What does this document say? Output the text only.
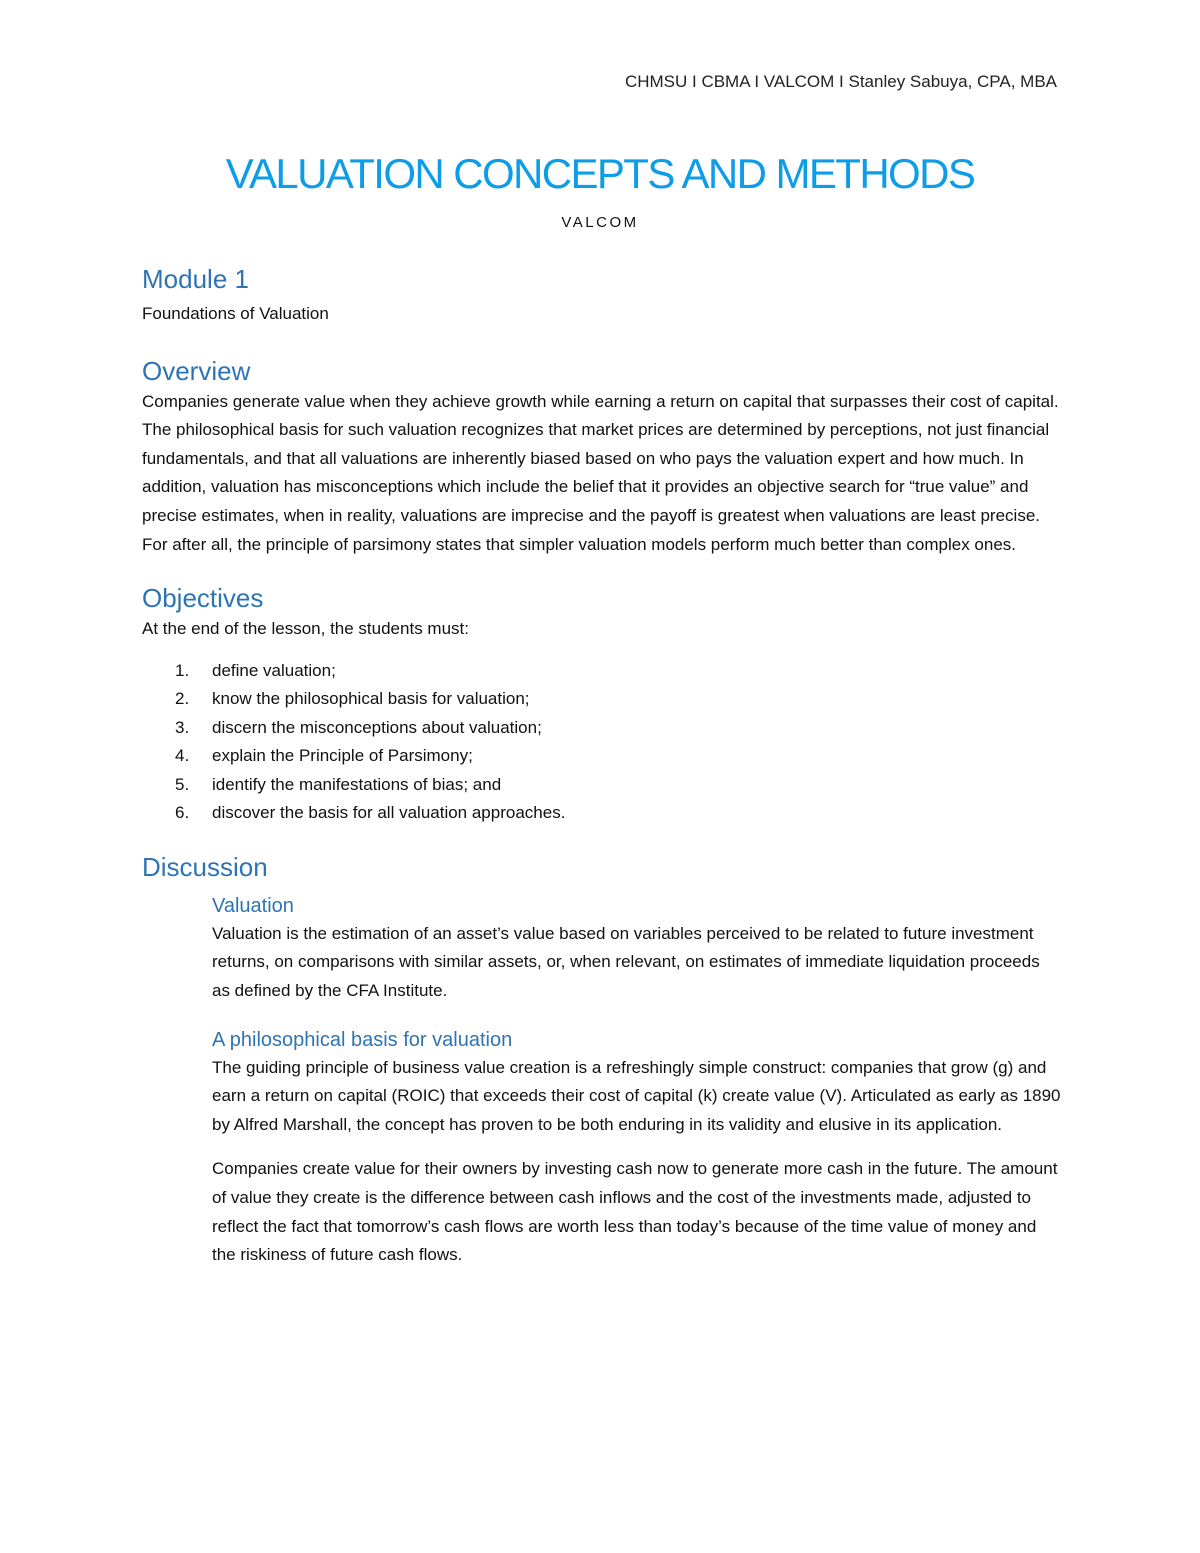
CHMSU I CBMA I VALCOM I Stanley Sabuya, CPA, MBA
VALUATION CONCEPTS AND METHODS
VALCOM
Module 1

Foundations of Valuation

Overview

Companies generate value when they achieve growth while earning a return on capital that surpasses their cost of capital. The philosophical basis for such valuation recognizes that market prices are determined by perceptions, not just financial fundamentals, and that all valuations are inherently biased based on who pays the valuation expert and how much. In addition, valuation has misconceptions which include the belief that it provides an objective search for “true value” and precise estimates, when in reality, valuations are imprecise and the payoff is greatest when valuations are least precise. For after all, the principle of parsimony states that simpler valuation models perform much better than complex ones.

Objectives

At the end of the lesson, the students must:

1. define valuation;
2. know the philosophical basis for valuation;
3. discern the misconceptions about valuation;
4. explain the Principle of Parsimony;
5. identify the manifestations of bias; and
6. discover the basis for all valuation approaches.
Discussion
Valuation

Valuation is the estimation of an asset’s value based on variables perceived to be related to future investment returns, on comparisons with similar assets, or, when relevant, on estimates of immediate liquidation proceeds as defined by the CFA Institute.

A philosophical basis for valuation

The guiding principle of business value creation is a refreshingly simple construct: companies that grow (g) and earn a return on capital (ROIC) that exceeds their cost of capital (k) create value (V). Articulated as early as 1890 by Alfred Marshall, the concept has proven to be both enduring in its validity and elusive in its application.

Companies create value for their owners by investing cash now to generate more cash in the future. The amount of value they create is the difference between cash inflows and the cost of the investments made, adjusted to reflect the fact that tomorrow’s cash flows are worth less than today’s because of the time value of money and the riskiness of future cash flows.
